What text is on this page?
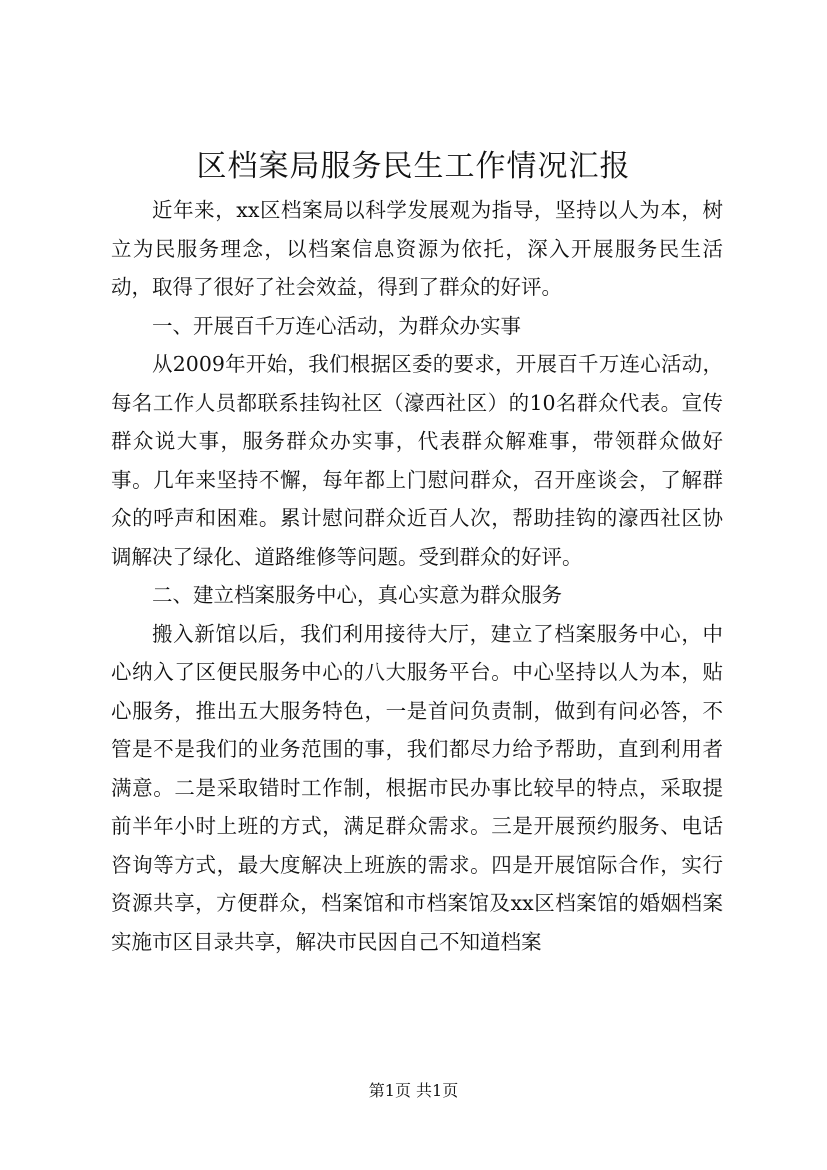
区档案局服务民生工作情况汇报

近年来，xx区档案局以科学发展观为指导，坚持以人为本，树立为民服务理念，以档案信息资源为依托，深入开展服务民生活动，取得了很好了社会效益，得到了群众的好评。

一、开展百千万连心活动，为群众办实事

从2009年开始，我们根据区委的要求，开展百千万连心活动，每名工作人员都联系挂钩社区（濠西社区）的10名群众代表。宣传群众说大事，服务群众办实事，代表群众解难事，带领群众做好事。几年来坚持不懈，每年都上门慰问群众，召开座谈会，了解群众的呼声和困难。累计慰问群众近百人次，帮助挂钩的濠西社区协调解决了绿化、道路维修等问题。受到群众的好评。

二、建立档案服务中心，真心实意为群众服务

搬入新馆以后，我们利用接待大厅，建立了档案服务中心，中心纳入了区便民服务中心的八大服务平台。中心坚持以人为本，贴心服务，推出五大服务特色，一是首问负责制，做到有问必答，不管是不是我们的业务范围的事，我们都尽力给予帮助，直到利用者满意。二是采取错时工作制，根据市民办事比较早的特点，采取提前半年小时上班的方式，满足群众需求。三是开展预约服务、电话咨询等方式，最大度解决上班族的需求。四是开展馆际合作，实行资源共享，方便群众，档案馆和市档案馆及xx区档案馆的婚姻档案实施市区目录共享，解决市民因自己不知道档案

第1页 共1页
